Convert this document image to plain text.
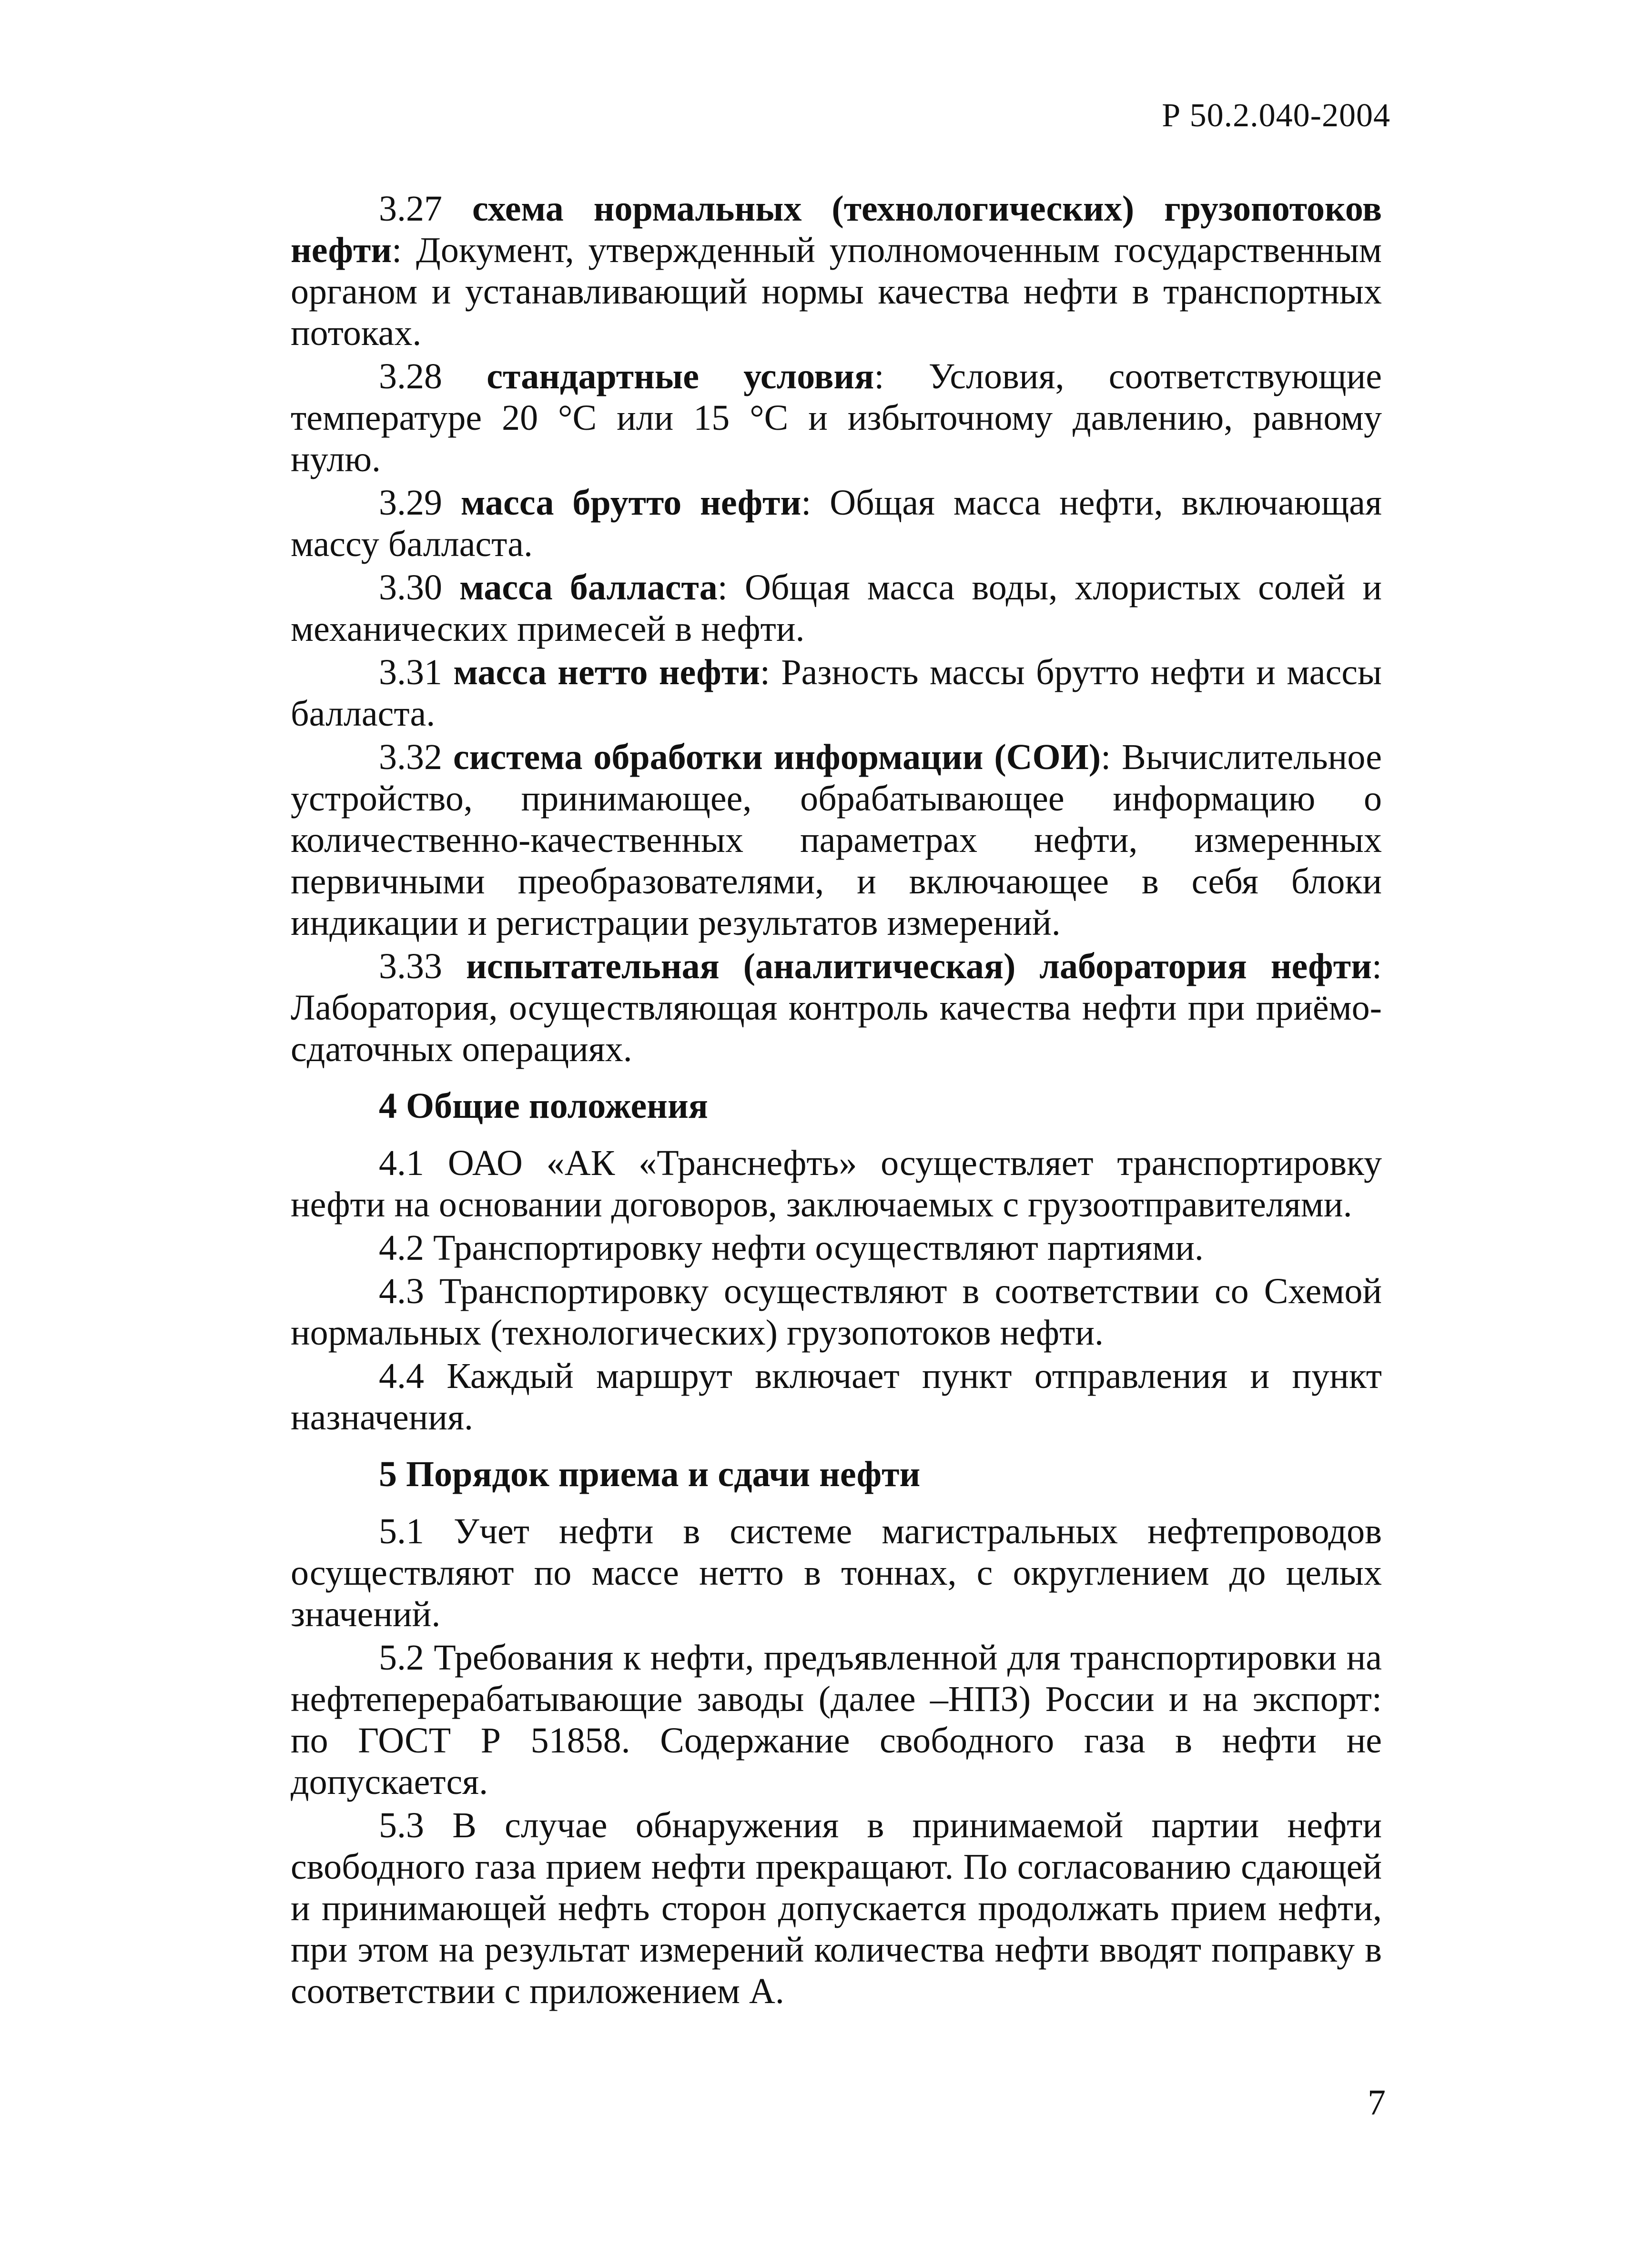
Р 50.2.040-2004

3.27 схема нормальных (технологических) грузопотоков нефти: Документ, утвержденный уполномоченным государственным органом и устанавливающий нормы качества нефти в транспортных потоках.

3.28 стандартные условия: Условия, соответствующие температуре 20 °С или 15 °С и избыточному давлению, равному нулю.

3.29 масса брутто нефти: Общая масса нефти, включающая массу балласта.

3.30 масса балласта: Общая масса воды, хлористых солей и механических примесей в нефти.

3.31 масса нетто нефти: Разность массы брутто нефти и массы балласта.

3.32 система обработки информации (СОИ): Вычислительное устройство, принимающее, обрабатывающее информацию о количественно-качественных параметрах нефти, измеренных первичными преобразователями, и включающее в себя блоки индикации и регистрации результатов измерений.

3.33 испытательная (аналитическая) лаборатория нефти: Лаборатория, осуществляющая контроль качества нефти при приёмо-сдаточных операциях.

4 Общие положения

4.1 ОАО «АК «Транснефть» осуществляет транспортировку нефти на основании договоров, заключаемых с грузоотправителями.

4.2 Транспортировку нефти осуществляют партиями.

4.3 Транспортировку осуществляют в соответствии со Схемой нормальных (технологических) грузопотоков нефти.

4.4 Каждый маршрут включает пункт отправления и пункт назначения.

5 Порядок приема и сдачи нефти

5.1 Учет нефти в системе магистральных нефтепроводов осуществляют по массе нетто в тоннах, с округлением до целых значений.

5.2 Требования к нефти, предъявленной для транспортировки на нефтеперерабатывающие заводы (далее –НПЗ) России и на экспорт: по ГОСТ Р 51858. Содержание свободного газа в нефти не допускается.

5.3 В случае обнаружения в принимаемой партии нефти свободного газа прием нефти прекращают. По согласованию сдающей и принимающей нефть сторон допускается продолжать прием нефти, при этом на результат измерений количества нефти вводят поправку в соответствии с приложением А.

7
